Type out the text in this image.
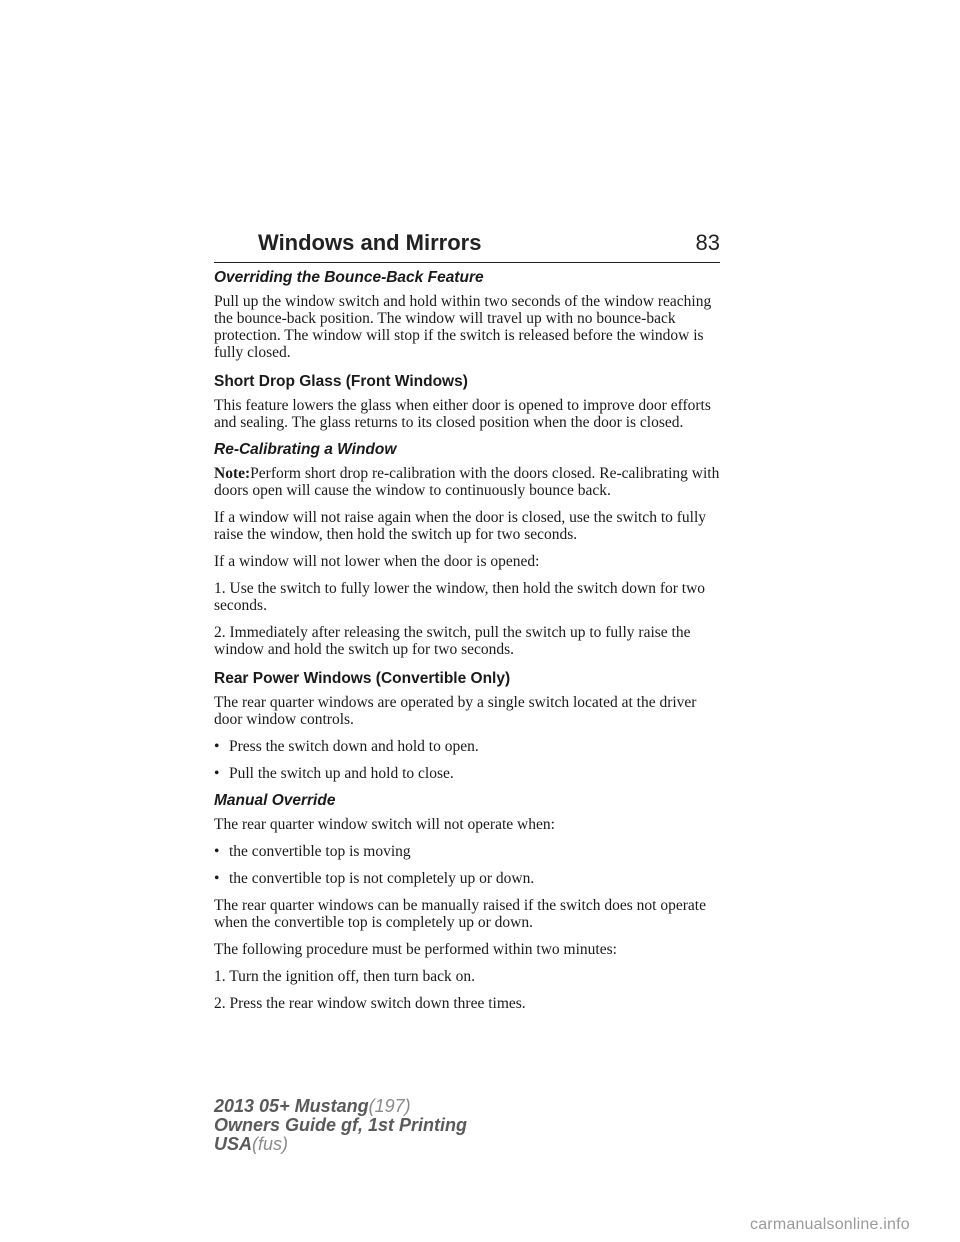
Windows and Mirrors	83
Overriding the Bounce-Back Feature

Pull up the window switch and hold within two seconds of the window reaching the bounce-back position. The window will travel up with no bounce-back protection. The window will stop if the switch is released before the window is fully closed.

Short Drop Glass (Front Windows)

This feature lowers the glass when either door is opened to improve door efforts and sealing. The glass returns to its closed position when the door is closed.

Re-Calibrating a Window

Note:Perform short drop re-calibration with the doors closed. Re-calibrating with doors open will cause the window to continuously bounce back.

If a window will not raise again when the door is closed, use the switch to fully raise the window, then hold the switch up for two seconds.

If a window will not lower when the door is opened:

1. Use the switch to fully lower the window, then hold the switch down for two seconds.

2. Immediately after releasing the switch, pull the switch up to fully raise the window and hold the switch up for two seconds.

Rear Power Windows (Convertible Only)

The rear quarter windows are operated by a single switch located at the driver door window controls.

• Press the switch down and hold to open.
• Pull the switch up and hold to close.
Manual Override

The rear quarter window switch will not operate when:

• the convertible top is moving
• the convertible top is not completely up or down.

The rear quarter windows can be manually raised if the switch does not operate when the convertible top is completely up or down.

The following procedure must be performed within two minutes:

1. Turn the ignition off, then turn back on.

2. Press the rear window switch down three times.

2013 05+ Mustang(197)
Owners Guide gf, 1st Printing
USA(fus)
carmanualsonline.info
